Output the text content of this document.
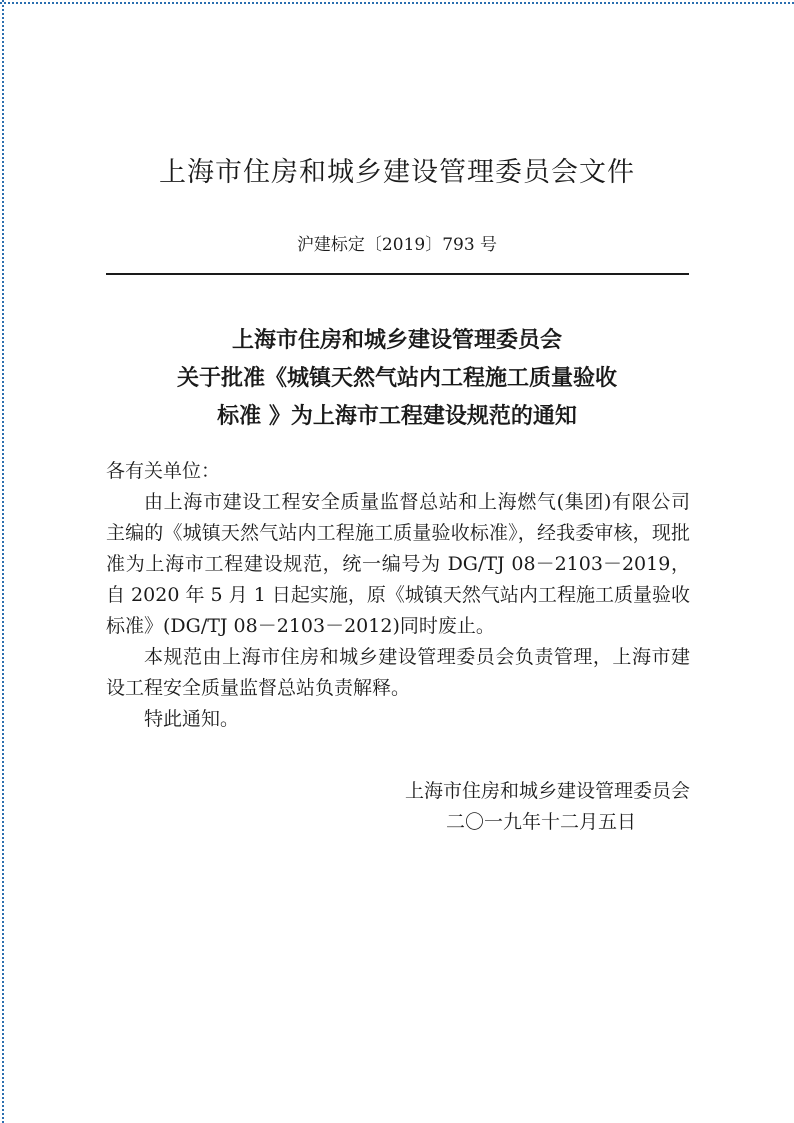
上海市住房和城乡建设管理委员会文件
沪建标定〔2019〕793 号
上海市住房和城乡建设管理委员会
关于批准《城镇天然气站内工程施工质量验收
标准 》为上海市工程建设规范的通知

各有关单位：

由上海市建设工程安全质量监督总站和上海燃气(集团)有限公司主编的《城镇天然气站内工程施工质量验收标准》，经我委审核，现批准为上海市工程建设规范，统一编号为 DG/TJ 08－2103－2019，自 2020 年 5 月 1 日起实施，原《城镇天然气站内工程施工质量验收标准》(DG/TJ 08－2103－2012)同时废止。

本规范由上海市住房和城乡建设管理委员会负责管理，上海市建设工程安全质量监督总站负责解释。

特此通知。

上海市住房和城乡建设管理委员会
二〇一九年十二月五日
